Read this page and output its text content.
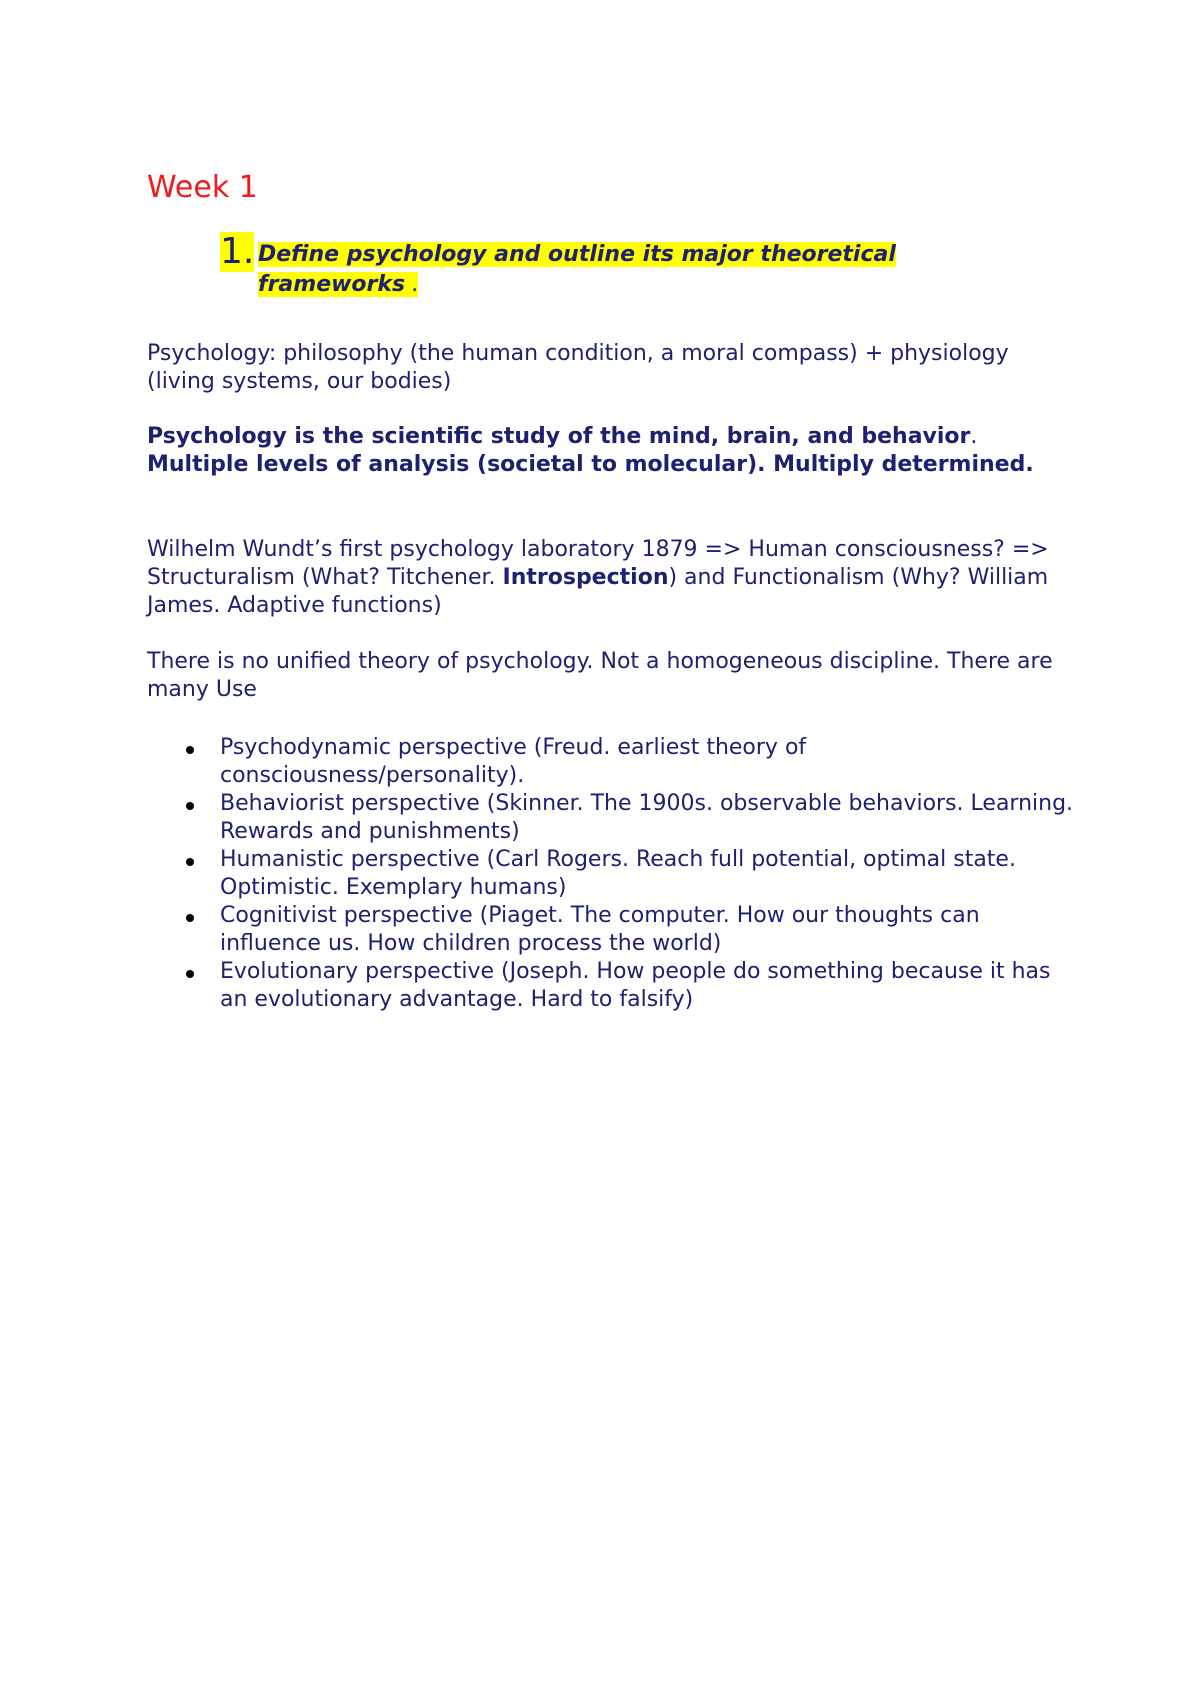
Week 1
1. Define psychology and outline its major theoretical frameworks .

Psychology: philosophy (the human condition, a moral compass) + physiology (living systems, our bodies)

Psychology is the scientific study of the mind, brain, and behavior. Multiple levels of analysis (societal to molecular). Multiply determined.

Wilhelm Wundt’s first psychology laboratory 1879 => Human consciousness? => Structuralism (What? Titchener. Introspection) and Functionalism (Why? William James. Adaptive functions)

There is no unified theory of psychology. Not a homogeneous discipline. There are many Use

Psychodynamic perspective (Freud. earliest theory of consciousness/personality).
Behaviorist perspective (Skinner. The 1900s. observable behaviors. Learning. Rewards and punishments)
Humanistic perspective (Carl Rogers. Reach full potential, optimal state. Optimistic. Exemplary humans)
Cognitivist perspective (Piaget. The computer. How our thoughts can influence us. How children process the world)
Evolutionary perspective (Joseph. How people do something because it has an evolutionary advantage. Hard to falsify)
